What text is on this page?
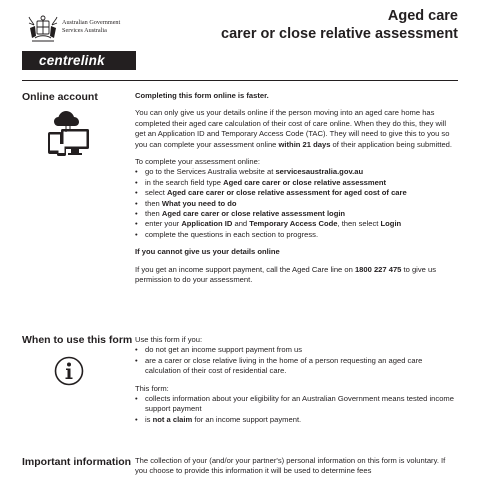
Australian Government
Services Australia
centrelink
Aged care
carer or close relative assessment
Online account	Completing this form online is faster.

You can only give us your details online if the person moving into an aged care home has completed their aged care calculation of their cost of care online. When they do this, they will get an Application ID and Temporary Access Code (TAC). They will need to give this to you so you can complete your assessment online within 21 days of their application being submitted.

To complete your assessment online:

• go to the Services Australia website at servicesaustralia.gov.au
• in the search field type Aged care carer or close relative assessment
• select Aged care carer or close relative assessment for aged cost of care
• then What you need to do
• then Aged care carer or close relative assessment login
• enter your Application ID and Temporary Access Code, then select Login
• complete the questions in each section to progress.

If you cannot give us your details online

If you get an income support payment, call the Aged Care line on 1800 227 475 to give us permission to do your assessment.

When to use this form Use this form if you:

• do not get an income support payment from us
• are a carer or close relative living in the home of a person requesting an aged care calculation of their cost of residential care.

This form:

• collects information about your eligibility for an Australian Government means tested income support payment
• is not a claim for an income support payment.
Important information The collection of your (and/or your partner's) personal information on this form is voluntary. If you choose to provide this information it will be used to determine fees
